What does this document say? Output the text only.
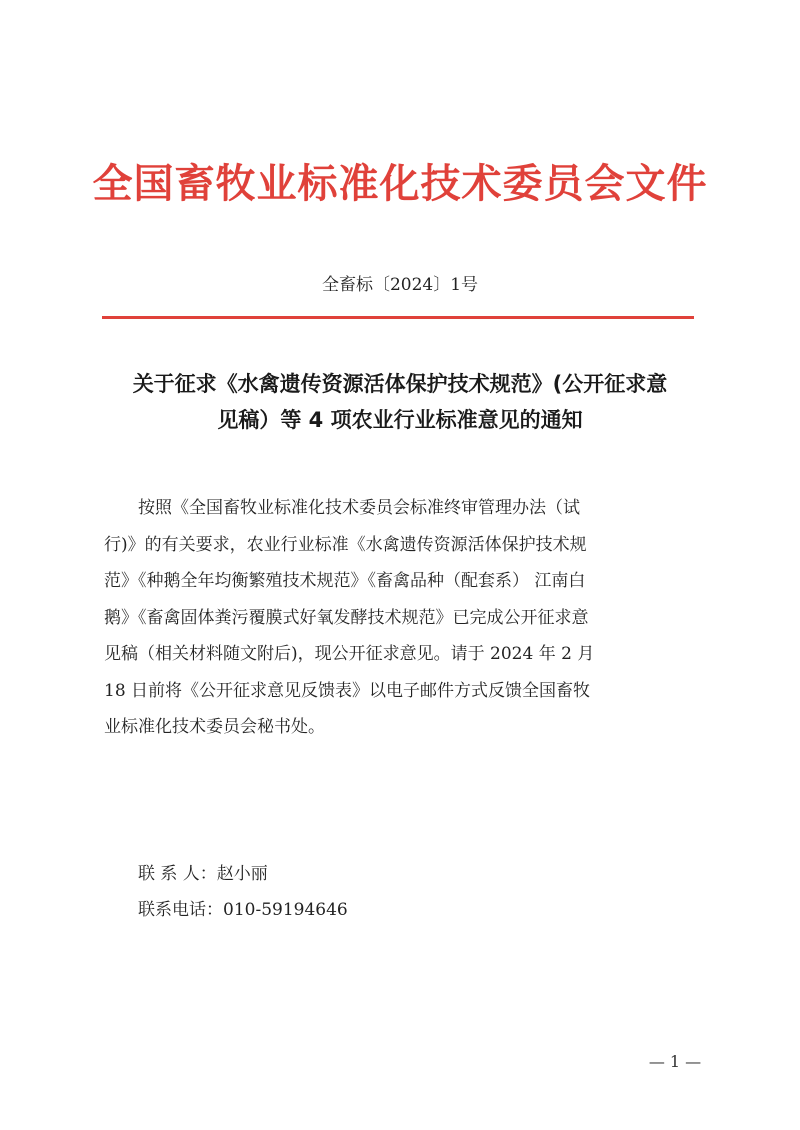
全国畜牧业标准化技术委员会文件
全畜标〔2024〕1号
关于征求《水禽遗传资源活体保护技术规范》(公开征求意
见稿）等 4 项农业行业标准意见的通知
按照《全国畜牧业标准化技术委员会标准终审管理办法（试
行)》的有关要求，农业行业标准《水禽遗传资源活体保护技术规
范》《种鹅全年均衡繁殖技术规范》《畜禽品种（配套系） 江南白
鹅》《畜禽固体粪污覆膜式好氧发酵技术规范》已完成公开征求意
见稿（相关材料随文附后)，现公开征求意见。请于 2024 年 2 月
18 日前将《公开征求意见反馈表》以电子邮件方式反馈全国畜牧
业标准化技术委员会秘书处。
联 系 人：赵小丽
联系电话：010-59194646
— 1 —
